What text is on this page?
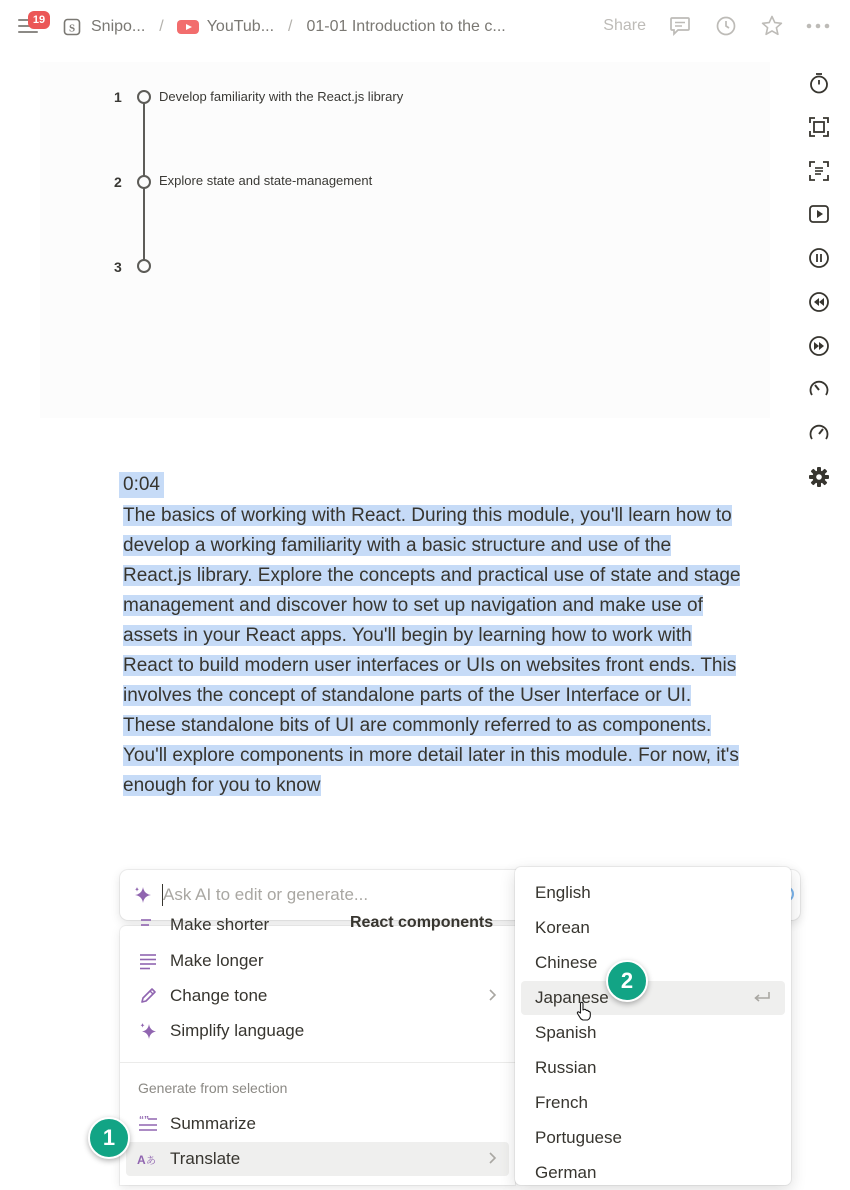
19
S Snipo... /	YouTub... / 01-01 Introduction to the c...	Share
1	Develop familiarity with the React.js library
2	Explore state and state-management
3
0:04
The basics of working with React. During this module, you'll learn how to develop a working familiarity with a basic structure and use of the React.js library. Explore the concepts and practical use of state and stage management and discover how to set up navigation and make use of assets in your React apps. You'll begin by learning how to work with React to build modern user interfaces or UIs on websites front ends. This involves the concept of standalone parts of the User Interface or UI. These standalone bits of UI are commonly referred to as components. You'll explore components in more detail later in this module. For now, it's enough for you to know
Ask AI to edit or generate...
React components
Make shorter
Make longer
Change tone
Simplify language
Generate from selection
“” Summarize
A あ Translate
English
Korean
Chinese
Japanese
Spanish
Russian
French
Portuguese
German
1
2
